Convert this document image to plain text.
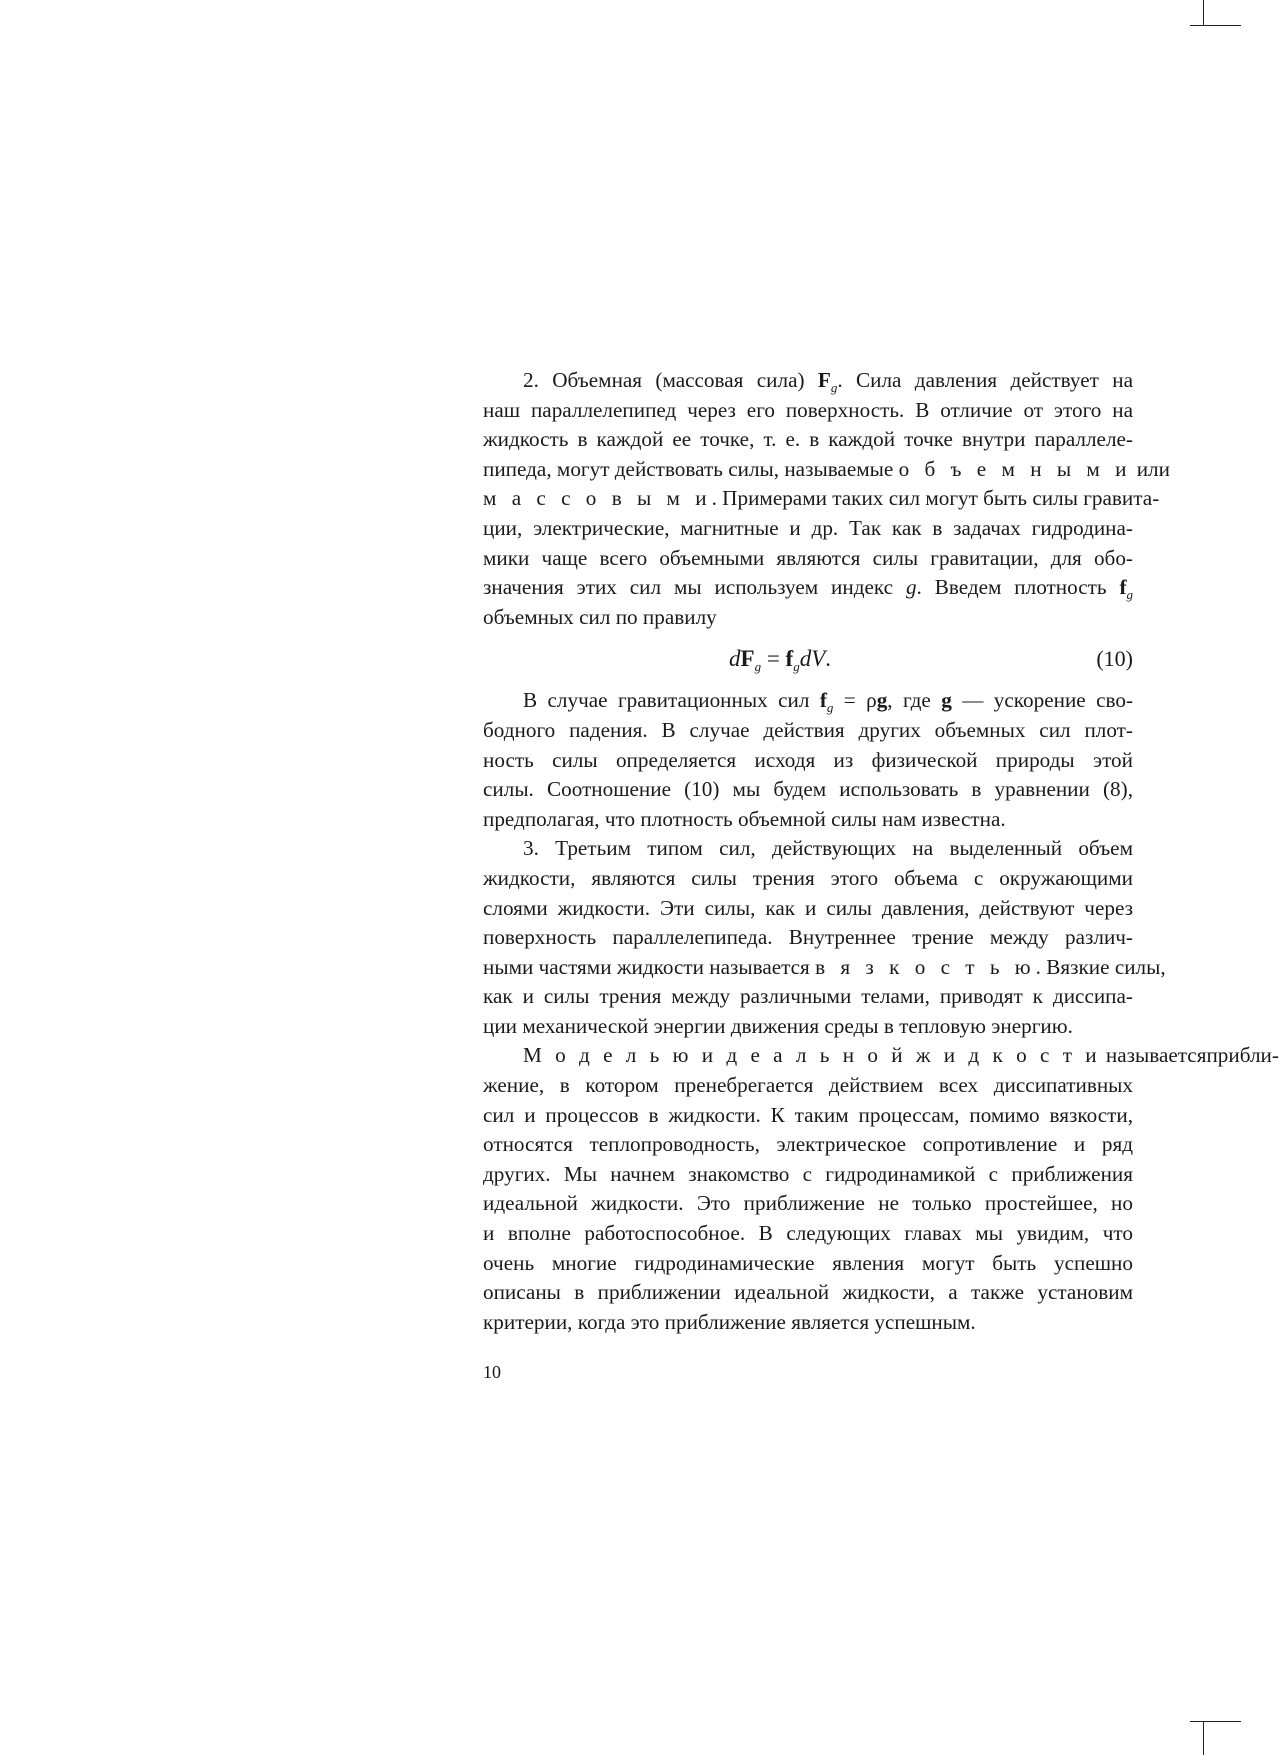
2. Объемная (массовая сила) $F_g$. Сила давления действует на
наш параллелепипед через его поверхность. В отличие от этого на
жидкость в каждой ее точке, т. е. в каждой точке внутри параллеле-
пипеда, могут действовать силы, называемые о б ъ е м н ы м и или
м а с с о в ы м и. Примерами таких сил могут быть силы гравита-
ции, электрические, магнитные и др. Так как в задачах гидродина-
мики чаще всего объемными являются силы гравитации, для обо-
значения этих сил мы используем индекс g. Введем плотность $f_g$
объемных сил по правилу
$dF_g = f_gdV$.	(10)
В случае гравитационных сил $f_g = \rho g$, где g — ускорение сво-
бодного падения. В случае действия других объемных сил плот-
ность силы определяется исходя из физической природы этой
силы. Соотношение (10) мы будем использовать в уравнении (8),
предполагая, что плотность объемной силы нам известна.
3. Третьим типом сил, действующих на выделенный объем
жидкости, являются силы трения этого объема с окружающими
слоями жидкости. Эти силы, как и силы давления, действуют через
поверхность параллелепипеда. Внутреннее трение между различ-
ными частями жидкости называется в я з к о с т ь ю. Вязкие силы,
как и силы трения между различными телами, приводят к диссипа-
ции механической энергии движения среды в тепловую энергию.
М о д е л ь ю и д е а л ь н о й ж и д к о с т и называетсяприбли-
жение, в котором пренебрегается действием всех диссипативных
сил и процессов в жидкости. К таким процессам, помимо вязкости,
относятся теплопроводность, электрическое сопротивление и ряд
других. Мы начнем знакомство с гидродинамикой с приближения
идеальной жидкости. Это приближение не только простейшее, но
и вполне работоспособное. В следующих главах мы увидим, что
очень многие гидродинамические явления могут быть успешно
описаны в приближении идеальной жидкости, а также установим
критерии, когда это приближение является успешным.
10
